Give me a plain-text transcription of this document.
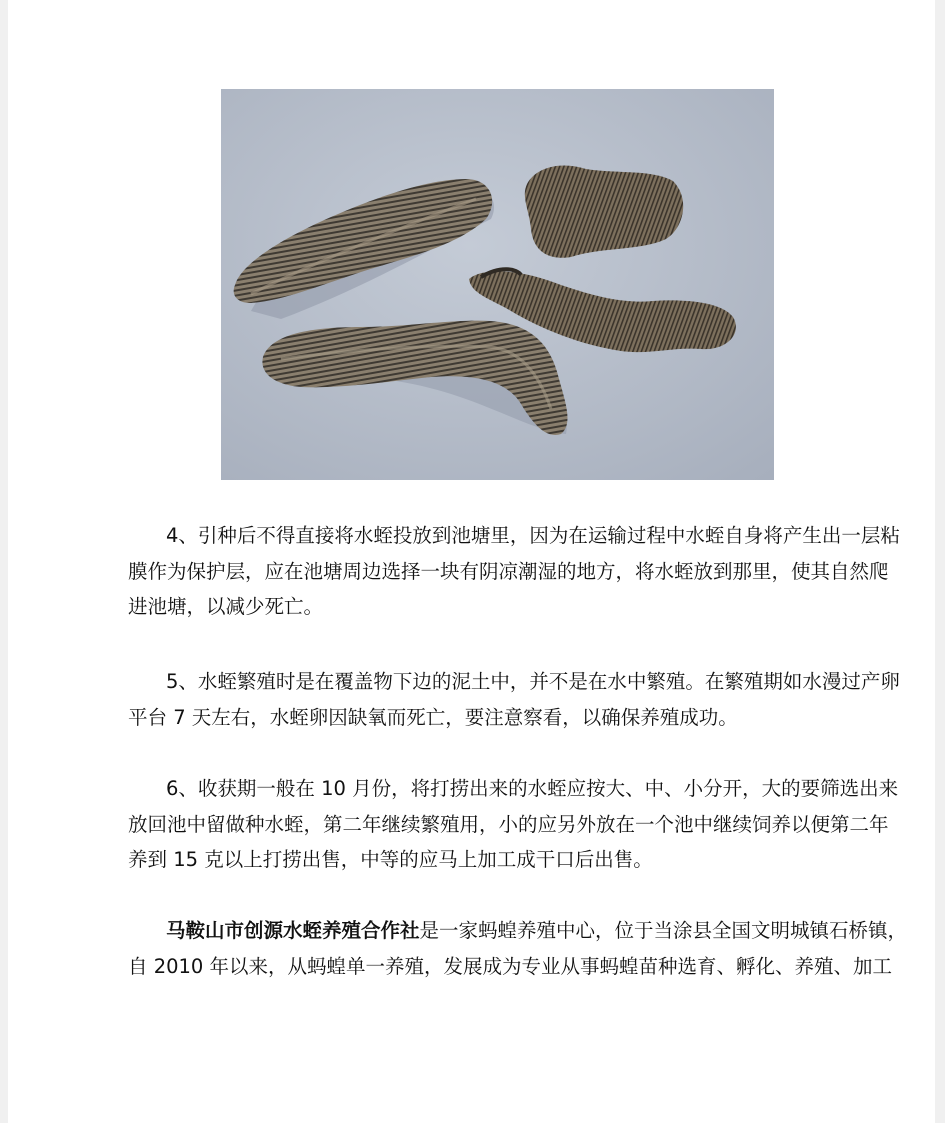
4、引种后不得直接将水蛭投放到池塘里，因为在运输过程中水蛭自身将产生出一层粘
膜作为保护层，应在池塘周边选择一块有阴凉潮湿的地方，将水蛭放到那里，使其自然爬
进池塘，以减少死亡。

5、水蛭繁殖时是在覆盖物下边的泥土中，并不是在水中繁殖。在繁殖期如水漫过产卵
平台 7 天左右，水蛭卵因缺氧而死亡，要注意察看，以确保养殖成功。

6、收获期一般在 10 月份，将打捞出来的水蛭应按大、中、小分开，大的要筛选出来
放回池中留做种水蛭，第二年继续繁殖用，小的应另外放在一个池中继续饲养以便第二年
养到 15 克以上打捞出售，中等的应马上加工成干口后出售。

马鞍山市创源水蛭养殖合作社是一家蚂蝗养殖中心，位于当涂县全国文明城镇石桥镇，
自 2010 年以来，从蚂蝗单一养殖，发展成为专业从事蚂蝗苗种选育、孵化、养殖、加工
